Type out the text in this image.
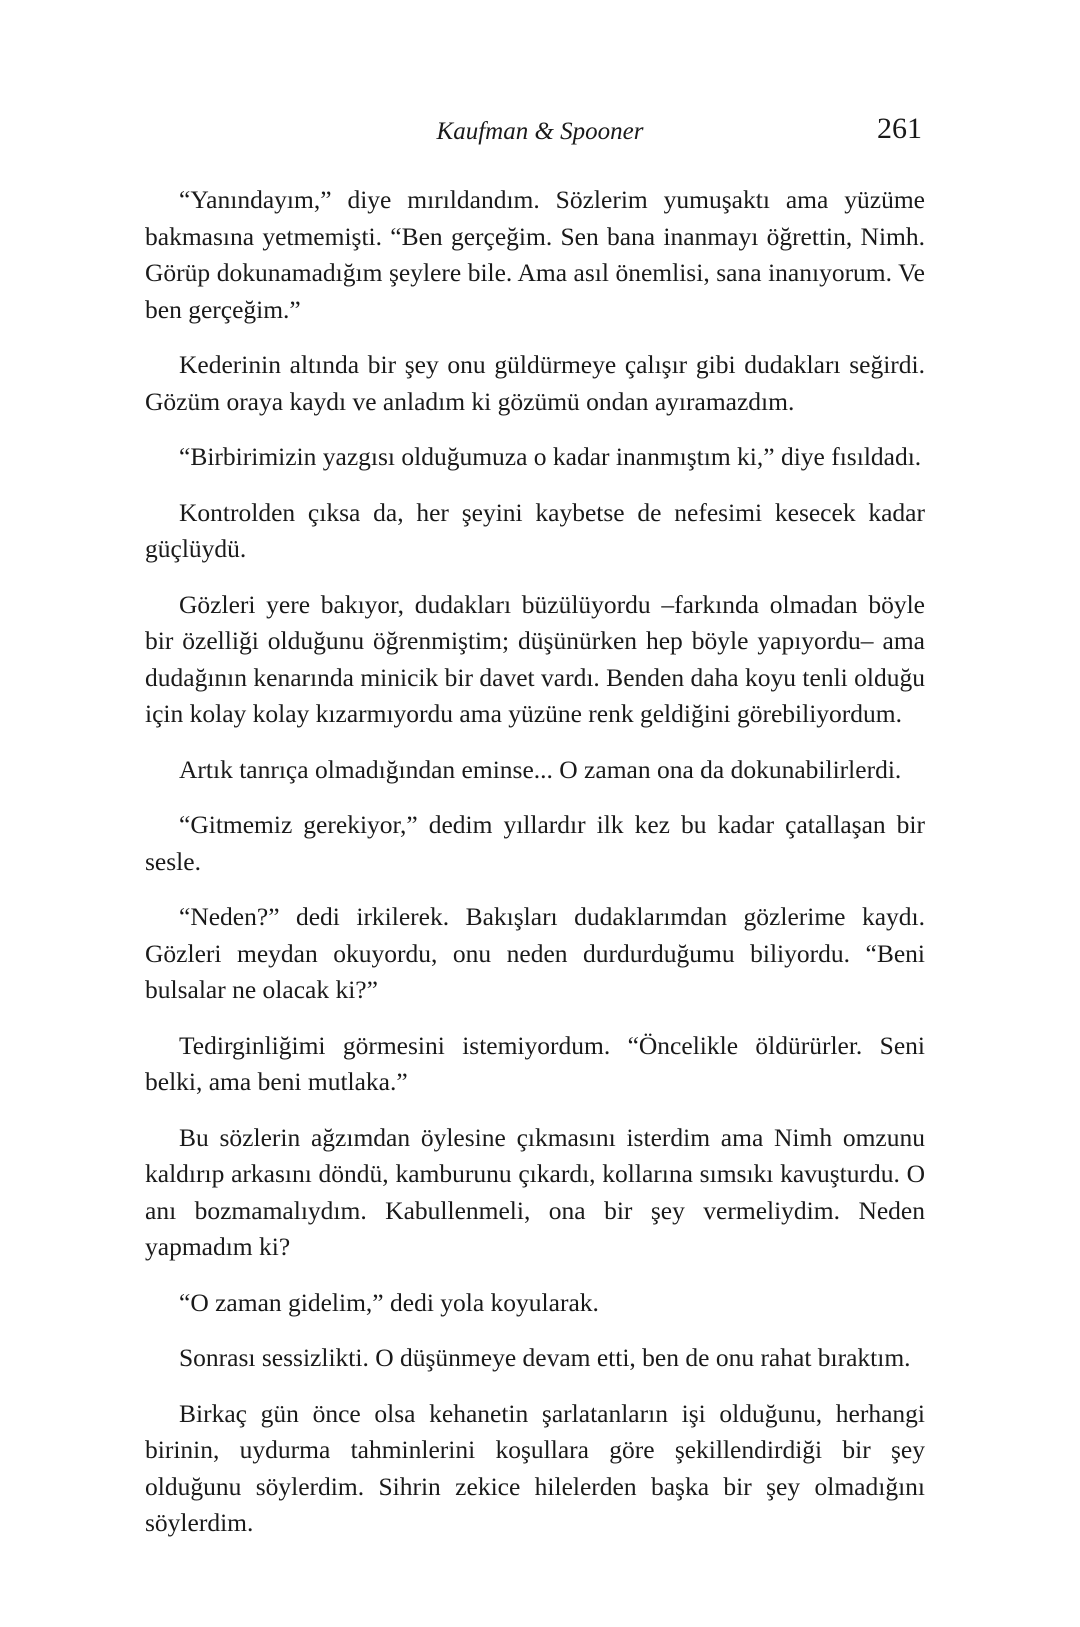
Kaufman & Spooner	261

“Yanındayım,” diye mırıldandım. Sözlerim yumuşaktı ama yüzüme bakmasına yetmemişti. “Ben gerçeğim. Sen bana inanmayı öğrettin, Nimh. Görüp dokunamadığım şeylere bile. Ama asıl önemlisi, sana inanıyorum. Ve ben gerçeğim.”

Kederinin altında bir şey onu güldürmeye çalışır gibi dudakları seğirdi. Gözüm oraya kaydı ve anladım ki gözümü ondan ayıramazdım.

“Birbirimizin yazgısı olduğumuza o kadar inanmıştım ki,” diye fısıldadı.

Kontrolden çıksa da, her şeyini kaybetse de nefesimi kesecek kadar güçlüydü.

Gözleri yere bakıyor, dudakları büzülüyordu –farkında olmadan böyle bir özelliği olduğunu öğrenmiştim; düşünürken hep böyle yapıyordu– ama dudağının kenarında minicik bir davet vardı. Benden daha koyu tenli olduğu için kolay kolay kızarmıyordu ama yüzüne renk geldiğini görebiliyordum.

Artık tanrıça olmadığından eminse... O zaman ona da dokunabilirlerdi.

“Gitmemiz gerekiyor,” dedim yıllardır ilk kez bu kadar çatallaşan bir sesle.

“Neden?” dedi irkilerek. Bakışları dudaklarımdan gözlerime kaydı. Gözleri meydan okuyordu, onu neden durdurduğumu biliyordu. “Beni bulsalar ne olacak ki?”

Tedirginliğimi görmesini istemiyordum. “Öncelikle öldürürler. Seni belki, ama beni mutlaka.”

Bu sözlerin ağzımdan öylesine çıkmasını isterdim ama Nimh omzunu kaldırıp arkasını döndü, kamburunu çıkardı, kollarına sımsıkı kavuşturdu. O anı bozmamalıydım. Kabullenmeli, ona bir şey vermeliydim. Neden yapmadım ki?

“O zaman gidelim,” dedi yola koyularak.

Sonrası sessizlikti. O düşünmeye devam etti, ben de onu rahat bıraktım.

Birkaç gün önce olsa kehanetin şarlatanların işi olduğunu, herhangi birinin, uydurma tahminlerini koşullara göre şekillendirdiği bir şey olduğunu söylerdim. Sihrin zekice hilelerden başka bir şey olmadığını söylerdim.
